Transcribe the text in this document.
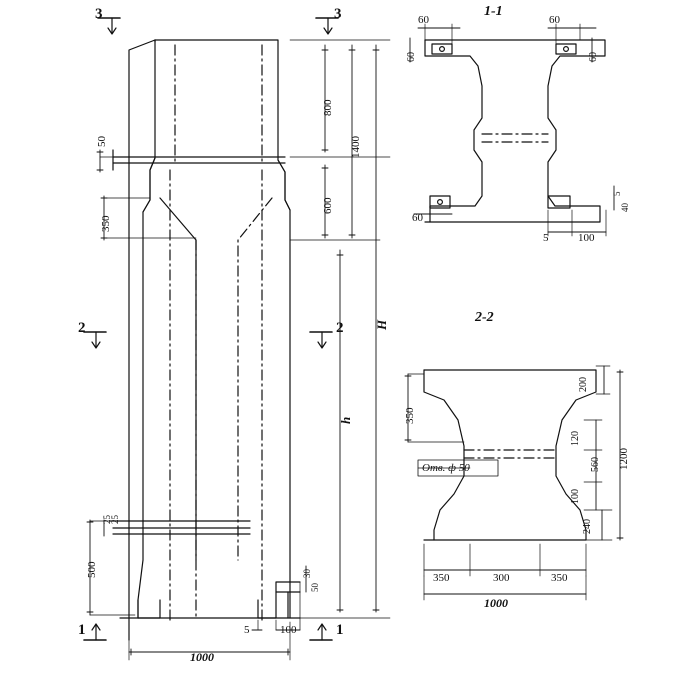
3	3
2	2
1	1
800
1400
600
H
h
50
350
500
25
25
30
50
5	100
1000
1-1
60	60
60	60
60
5
40
5	100
2-2
350
200
120
560
100
240
1200
Отв. ф 50
350	300	350
1000
